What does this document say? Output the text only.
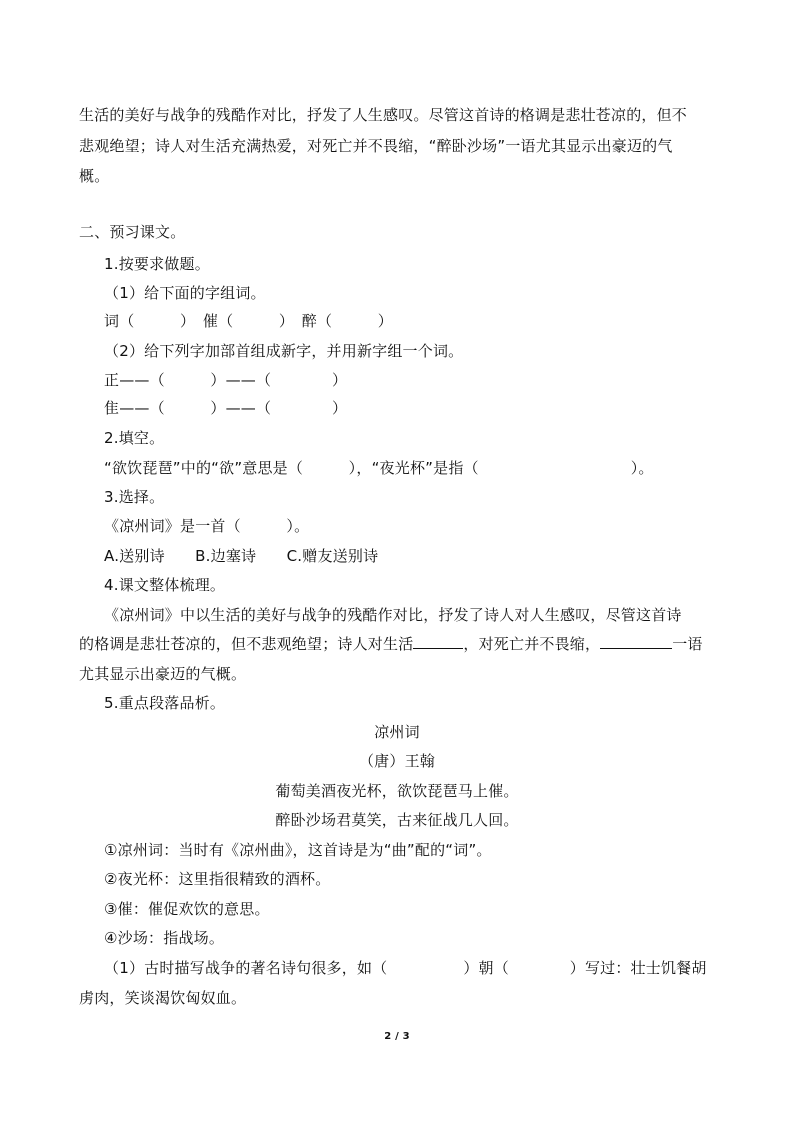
生活的美好与战争的残酷作对比，抒发了人生感叹。尽管这首诗的格调是悲壮苍凉的，但不
悲观绝望；诗人对生活充满热爱，对死亡并不畏缩，“醉卧沙场”一语尤其显示出豪迈的气
概。
二、预习课文。
1.按要求做题。
（1）给下面的字组词。
词（　　　）　催（　　　）　醉（　　　）
（2）给下列字加部首组成新字，并用新字组一个词。
正——（　　　）——（　　　　）
隹——（　　　）——（　　　　）
2.填空。
“欲饮琵琶”中的“欲”意思是（　　　），“夜光杯”是指（　　　　　　　　　　）。
3.选择。
《凉州词》是一首（　　　）。
A.送别诗　　B.边塞诗　　C.赠友送别诗
4.课文整体梳理。
《凉州词》中以生活的美好与战争的残酷作对比，抒发了诗人对人生感叹，尽管这首诗
的格调是悲壮苍凉的，但不悲观绝望；诗人对生活	，对死亡并不畏缩，	一语
尤其显示出豪迈的气概。
5.重点段落品析。
凉州词
（唐）王翰
葡萄美酒夜光杯，欲饮琵琶马上催。
醉卧沙场君莫笑，古来征战几人回。
①凉州词：当时有《凉州曲》，这首诗是为“曲”配的“词”。
②夜光杯：这里指很精致的酒杯。
③催：催促欢饮的意思。
④沙场：指战场。
（1）古时描写战争的著名诗句很多，如（　　　　　）朝（　　　　）写过：壮士饥餐胡
虏肉，笑谈渴饮匈奴血。
2 / 3
